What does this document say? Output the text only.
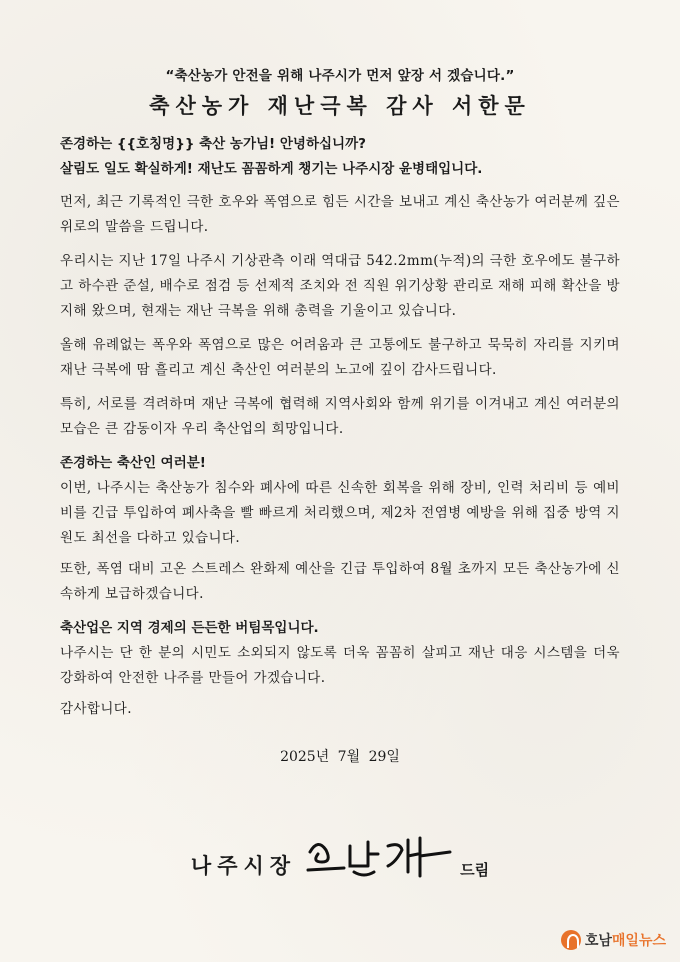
“축산농가 안전을 위해 나주시가 먼저 앞장 서 겠습니다.”
축산농가 재난극복 감사 서한문
존경하는 {{호칭명}} 축산 농가님! 안녕하십니까?
살림도 일도 확실하게! 재난도 꼼꼼하게 챙기는 나주시장 윤병태입니다.

먼저, 최근 기록적인 극한 호우와 폭염으로 힘든 시간을 보내고 계신 축산농가 여러분께 깊은 위로의 말씀을 드립니다.

우리시는 지난 17일 나주시 기상관측 이래 역대급 542.2mm(누적)의 극한 호우에도 불구하고 하수관 준설, 배수로 점검 등 선제적 조치와 전 직원 위기상황 관리로 재해 피해 확산을 방지해 왔으며, 현재는 재난 극복을 위해 총력을 기울이고 있습니다.

올해 유례없는 폭우와 폭염으로 많은 어려움과 큰 고통에도 불구하고 묵묵히 자리를 지키며 재난 극복에 땀 흘리고 계신 축산인 여러분의 노고에 깊이 감사드립니다.

특히, 서로를 격려하며 재난 극복에 협력해 지역사회와 함께 위기를 이겨내고 계신 여러분의 모습은 큰 감동이자 우리 축산업의 희망입니다.

존경하는 축산인 여러분!

이번, 나주시는 축산농가 침수와 폐사에 따른 신속한 회복을 위해 장비, 인력 처리비 등 예비비를 긴급 투입하여 폐사축을 빨 빠르게 처리했으며, 제2차 전염병 예방을 위해 집중 방역 지원도 최선을 다하고 있습니다.

또한, 폭염 대비 고온 스트레스 완화제 예산을 긴급 투입하여 8월 초까지 모든 축산농가에 신속하게 보급하겠습니다.

축산업은 지역 경제의 든든한 버팀목입니다.

나주시는 단 한 분의 시민도 소외되지 않도록 더욱 꼼꼼히 살피고 재난 대응 시스템을 더욱 강화하여 안전한 나주를 만들어 가겠습니다.

감사합니다.

2025년 7월 29일
나주시장	드림
호남 매일뉴스
